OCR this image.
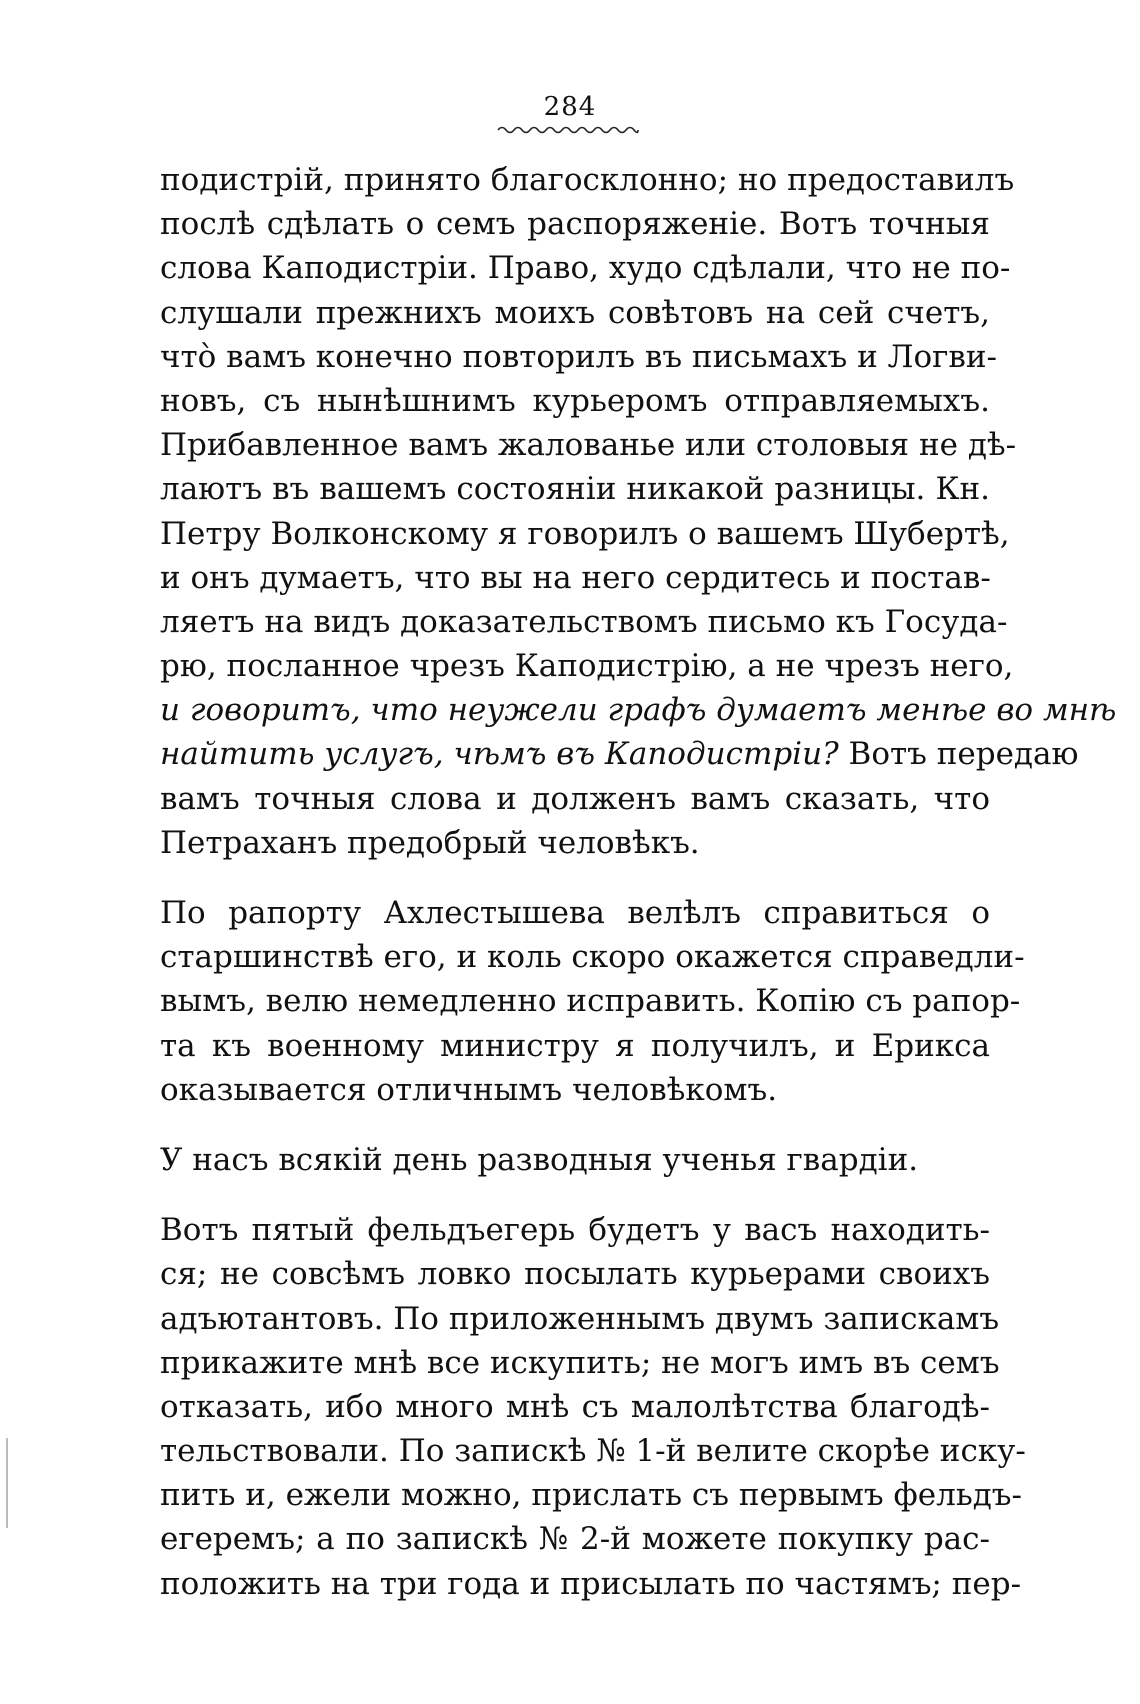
284
подистрій, принято благосклонно; но предоставилъ
послѣ сдѣлать о семъ распоряженіе. Вотъ точныя
слова Каподистріи. Право, худо сдѣлали, что не по-
слушали прежнихъ моихъ совѣтовъ на сей счетъ,
чтò вамъ конечно повторилъ въ письмахъ и Логви-
новъ, съ нынѣшнимъ курьеромъ отправляемыхъ.
Прибавленное вамъ жалованье или столовыя не дѣ-
лаютъ въ вашемъ состояніи никакой разницы. Кн.
Петру Волконскому я говорилъ о вашемъ Шубертѣ,
и онъ думаетъ, что вы на него сердитесь и постав-
ляетъ на видъ доказательствомъ письмо къ Госуда-
рю, посланное чрезъ Каподистрію, а не чрезъ него,
и говоритъ, что неужели графъ думаетъ менѣе во мнѣ
найтить услугъ, чѣмъ въ Каподистріи? Вотъ передаю
вамъ точныя слова и долженъ вамъ сказать, что
Петраханъ предобрый человѣкъ.
По рапорту Ахлестышева велѣлъ справиться о
старшинствѣ его, и коль скоро окажется справедли-
вымъ, велю немедленно исправить. Копію съ рапор-
та къ военному министру я получилъ, и Ерикса
оказывается отличнымъ человѣкомъ.
У насъ всякій день разводныя ученья гвардіи.
Вотъ пятый фельдъегерь будетъ у васъ находить-
ся; не совсѣмъ ловко посылать курьерами своихъ
адъютантовъ. По приложеннымъ двумъ запискамъ
прикажите мнѣ все искупить; не могъ имъ въ семъ
отказать, ибо много мнѣ съ малолѣтства благодѣ-
тельствовали. По запискѣ № 1-й велите скорѣе иску-
пить и, ежели можно, прислать съ первымъ фельдъ-
егеремъ; а по запискѣ № 2-й можете покупку рас-
положить на три года и присылать по частямъ; пер-
